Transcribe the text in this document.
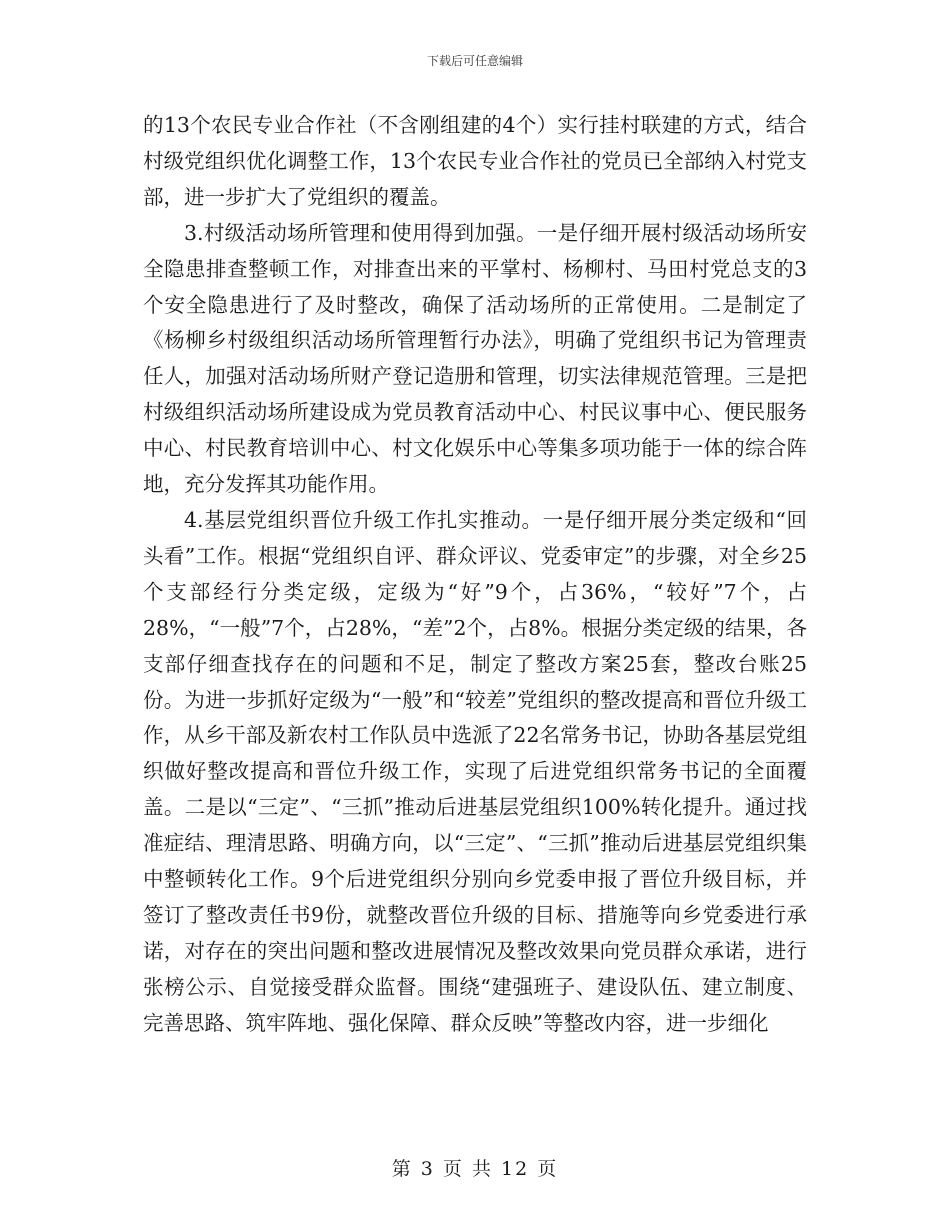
下载后可任意编辑

的13个农民专业合作社（不含刚组建的4个）实行挂村联建的方式，结合村级党组织优化调整工作，13个农民专业合作社的党员已全部纳入村党支部，进一步扩大了党组织的覆盖。

3.村级活动场所管理和使用得到加强。一是仔细开展村级活动场所安全隐患排查整顿工作，对排查出来的平掌村、杨柳村、马田村党总支的3个安全隐患进行了及时整改，确保了活动场所的正常使用。二是制定了《杨柳乡村级组织活动场所管理暂行办法》，明确了党组织书记为管理责任人，加强对活动场所财产登记造册和管理，切实法律规范管理。三是把村级组织活动场所建设成为党员教育活动中心、村民议事中心、便民服务中心、村民教育培训中心、村文化娱乐中心等集多项功能于一体的综合阵地，充分发挥其功能作用。

4.基层党组织晋位升级工作扎实推动。一是仔细开展分类定级和“回头看”工作。根据“党组织自评、群众评议、党委审定”的步骤，对全乡25个支部经行分类定级，定级为“好”9个，占36%，“较好”7个，占28%，“一般”7个，占28%，“差”2个，占8%。根据分类定级的结果，各支部仔细查找存在的问题和不足，制定了整改方案25套，整改台账25份。为进一步抓好定级为“一般”和“较差”党组织的整改提高和晋位升级工作，从乡干部及新农村工作队员中选派了22名常务书记，协助各基层党组织做好整改提高和晋位升级工作，实现了后进党组织常务书记的全面覆盖。二是以“三定”、“三抓”推动后进基层党组织100%转化提升。通过找准症结、理清思路、明确方向，以“三定”、“三抓”推动后进基层党组织集中整顿转化工作。9个后进党组织分别向乡党委申报了晋位升级目标，并签订了整改责任书9份，就整改晋位升级的目标、措施等向乡党委进行承诺，对存在的突出问题和整改进展情况及整改效果向党员群众承诺，进行张榜公示、自觉接受群众监督。围绕“建强班子、建设队伍、建立制度、完善思路、筑牢阵地、强化保障、群众反映”等整改内容，进一步细化

第 3 页 共 12 页
